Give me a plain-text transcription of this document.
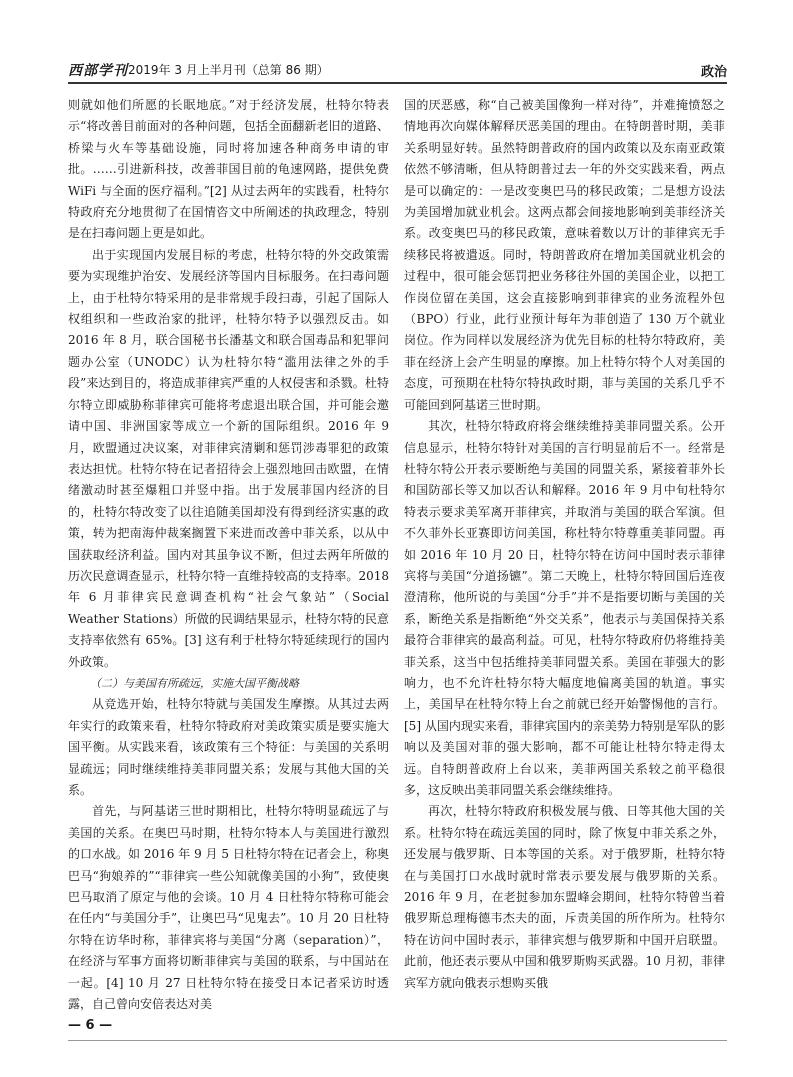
西部学刊 2019年 3 月上半月刊（总第 86 期）	政治

则就如他们所愿的长眠地底。”对于经济发展，杜特尔特表示“将改善目前面对的各种问题，包括全面翻新老旧的道路、桥梁与火车等基础设施，同时将加速各种商务申请的审批。……引进新科技，改善菲国目前的龟速网路，提供免费 WiFi 与全面的医疗福利。”[2] 从过去两年的实践看，杜特尔特政府充分地贯彻了在国情咨文中所阐述的执政理念，特别是在扫毒问题上更是如此。

出于实现国内发展目标的考虑，杜特尔特的外交政策需要为实现维护治安、发展经济等国内目标服务。在扫毒问题上，由于杜特尔特采用的是非常规手段扫毒，引起了国际人权组织和一些政治家的批评，杜特尔特予以强烈反击。如 2016 年 8 月，联合国秘书长潘基文和联合国毒品和犯罪问题办公室（UNODC）认为杜特尔特“滥用法律之外的手段”来达到目的，将造成菲律宾严重的人权侵害和杀戮。杜特尔特立即威胁称菲律宾可能将考虑退出联合国，并可能会邀请中国、非洲国家等成立一个新的国际组织。2016 年 9 月，欧盟通过决议案，对菲律宾清剿和惩罚涉毒罪犯的政策表达担忧。杜特尔特在记者招待会上强烈地回击欧盟，在情绪激动时甚至爆粗口并竖中指。出于发展菲国内经济的目的，杜特尔特改变了以往追随美国却没有得到经济实惠的政策，转为把南海仲裁案搁置下来进而改善中菲关系，以从中国获取经济利益。国内对其虽争议不断，但过去两年所做的历次民意调查显示，杜特尔特一直维持较高的支持率。2018 年 6 月菲律宾民意调查机构“社会气象站”（Social Weather Stations）所做的民调结果显示，杜特尔特的民意支持率依然有 65%。[3] 这有利于杜特尔特延续现行的国内外政策。

（二）与美国有所疏远，实施大国平衡战略

从竞选开始，杜特尔特就与美国发生摩擦。从其过去两年实行的政策来看，杜特尔特政府对美政策实质是要实施大国平衡。从实践来看，该政策有三个特征：与美国的关系明显疏远；同时继续维持美菲同盟关系；发展与其他大国的关系。

首先，与阿基诺三世时期相比，杜特尔特明显疏远了与美国的关系。在奥巴马时期，杜特尔特本人与美国进行激烈的口水战。如 2016 年 9 月 5 日杜特尔特在记者会上，称奥巴马“狗娘养的”“菲律宾一些公知就像美国的小狗”，致使奥巴马取消了原定与他的会谈。10 月 4 日杜特尔特称可能会在任内“与美国分手”，让奥巴马“见鬼去”。10 月 20 日杜特尔特在访华时称，菲律宾将与美国“分离（separation）”，在经济与军事方面将切断菲律宾与美国的联系，与中国站在一起。[4] 10 月 27 日杜特尔特在接受日本记者采访时透露，自己曾向安倍表达对美

国的厌恶感，称“自己被美国像狗一样对待”，并难掩愤怒之情地再次向媒体解释厌恶美国的理由。在特朗普时期，美菲关系明显好转。虽然特朗普政府的国内政策以及东南亚政策依然不够清晰，但从特朗普过去一年的外交实践来看，两点是可以确定的：一是改变奥巴马的移民政策；二是想方设法为美国增加就业机会。这两点都会间接地影响到美菲经济关系。改变奥巴马的移民政策，意味着数以万计的菲律宾无手续移民将被遣返。同时，特朗普政府在增加美国就业机会的过程中，很可能会惩罚把业务移往外国的美国企业，以把工作岗位留在美国，这会直接影响到菲律宾的业务流程外包（BPO）行业，此行业预计每年为菲创造了 130 万个就业岗位。作为同样以发展经济为优先目标的杜特尔特政府，美菲在经济上会产生明显的摩擦。加上杜特尔特个人对美国的态度，可预期在杜特尔特执政时期，菲与美国的关系几乎不可能回到阿基诺三世时期。

其次，杜特尔特政府将会继续维持美菲同盟关系。公开信息显示，杜特尔特针对美国的言行明显前后不一。经常是杜特尔特公开表示要断绝与美国的同盟关系，紧接着菲外长和国防部长等又加以否认和解释。2016 年 9 月中旬杜特尔特表示要求美军离开菲律宾，并取消与美国的联合军演。但不久菲外长亚赛即访问美国，称杜特尔特尊重美菲同盟。再如 2016 年 10 月 20 日，杜特尔特在访问中国时表示菲律宾将与美国“分道扬镳”。第二天晚上，杜特尔特回国后连夜澄清称，他所说的与美国“分手”并不是指要切断与美国的关系，断绝关系是指断绝“外交关系”，他表示与美国保持关系最符合菲律宾的最高利益。可见，杜特尔特政府仍将维持美菲关系，这当中包括维持美菲同盟关系。美国在菲强大的影响力，也不允许杜特尔特大幅度地偏离美国的轨道。事实上，美国早在杜特尔特上台之前就已经开始警惕他的言行。[5] 从国内现实来看，菲律宾国内的亲美势力特别是军队的影响以及美国对菲的强大影响，都不可能让杜特尔特走得太远。自特朗普政府上台以来，美菲两国关系较之前平稳很多，这反映出美菲同盟关系会继续维持。

再次，杜特尔特政府积极发展与俄、日等其他大国的关系。杜特尔特在疏远美国的同时，除了恢复中菲关系之外，还发展与俄罗斯、日本等国的关系。对于俄罗斯，杜特尔特在与美国打口水战时就时常表示要发展与俄罗斯的关系。2016 年 9 月，在老挝参加东盟峰会期间，杜特尔特曾当着俄罗斯总理梅德韦杰夫的面，斥责美国的所作所为。杜特尔特在访问中国时表示，菲律宾想与俄罗斯和中国开启联盟。此前，他还表示要从中国和俄罗斯购买武器。10 月初，菲律宾军方就向俄表示想购买俄

— 6 —
